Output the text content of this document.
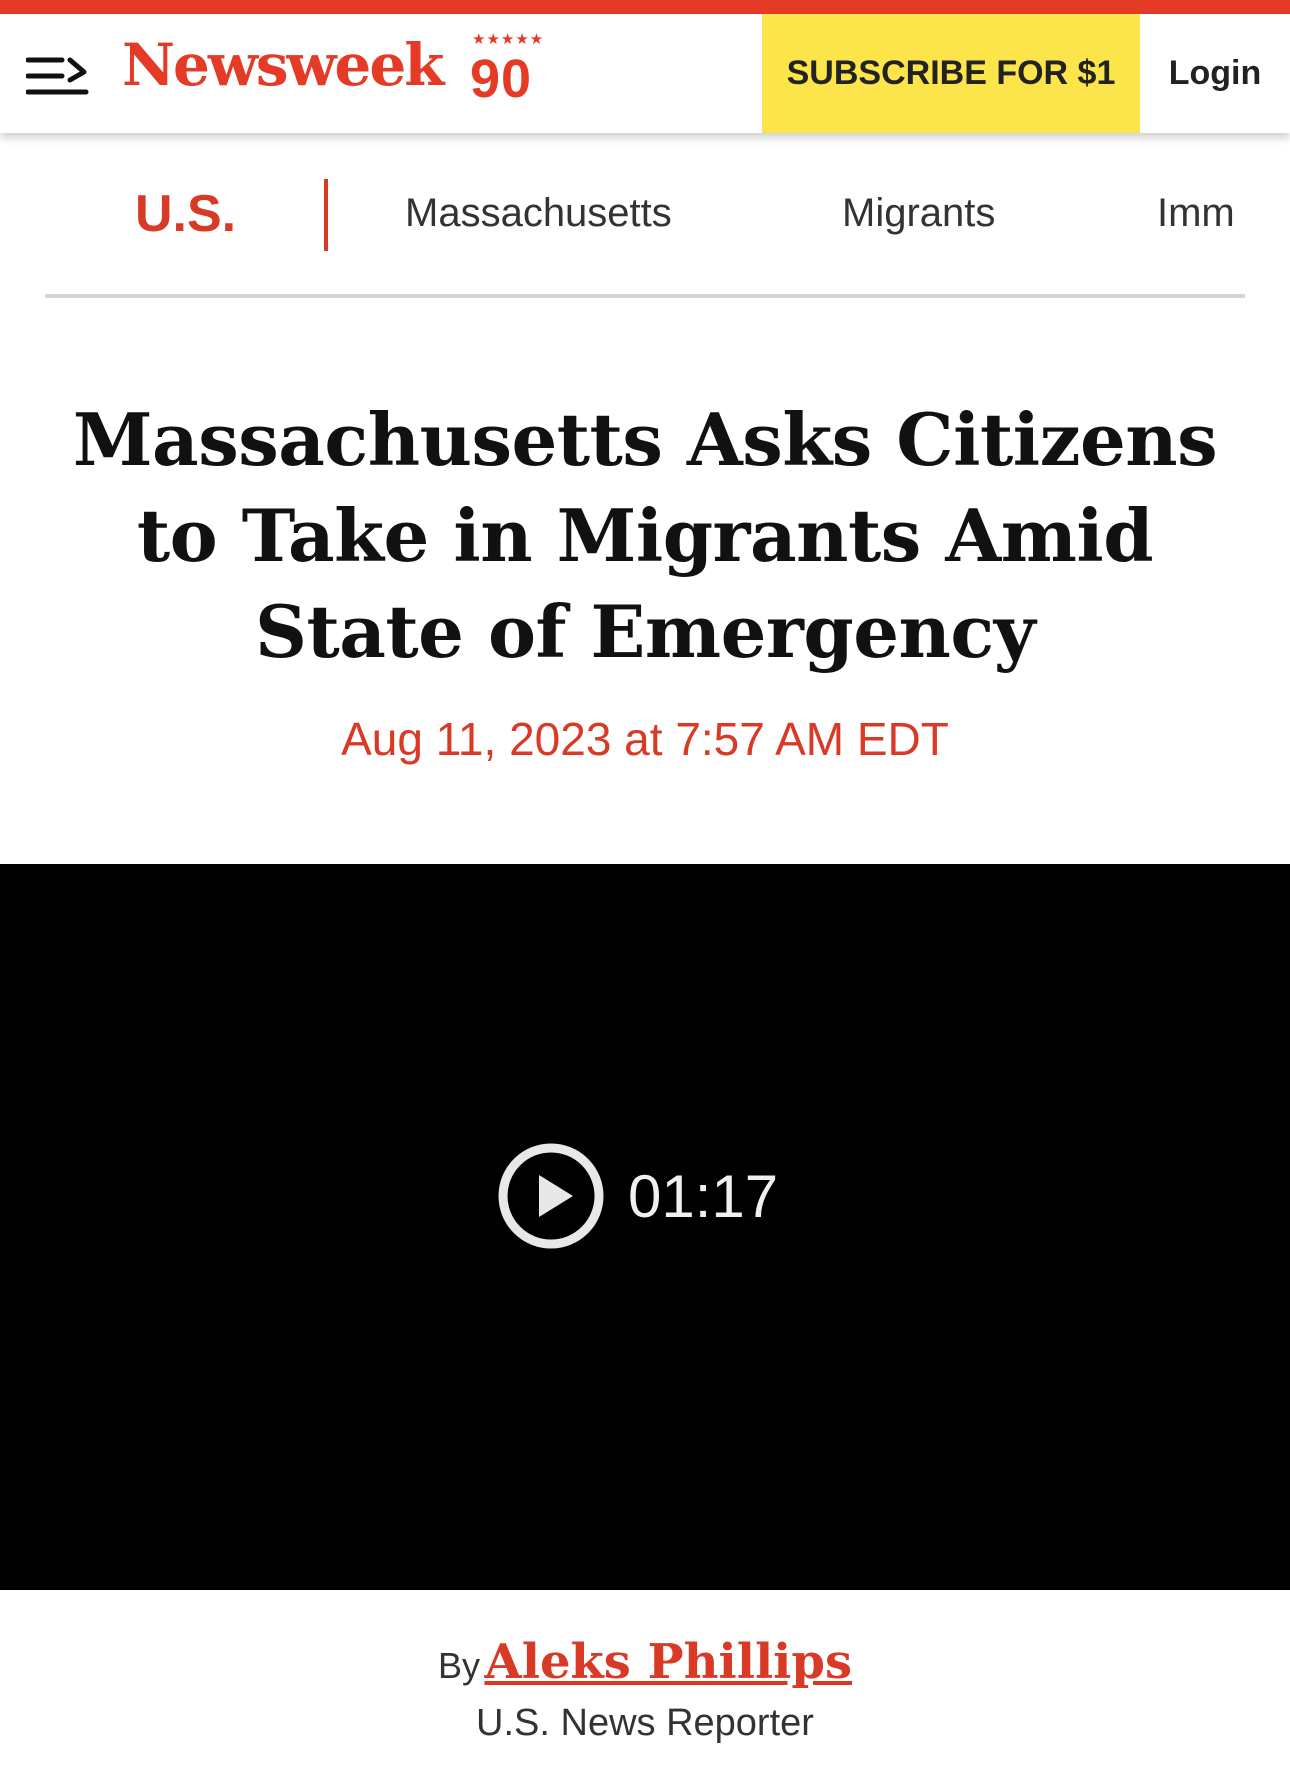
Newsweek ★★★★★
90	SUBSCRIBE FOR $1	Login
U.S.	Massachusetts	Migrants	Imm
Massachusetts Asks Citizens to Take in Migrants Amid State of Emergency
Aug 11, 2023 at 7:57 AM EDT
01:17
By Aleks Phillips
U.S. News Reporter
